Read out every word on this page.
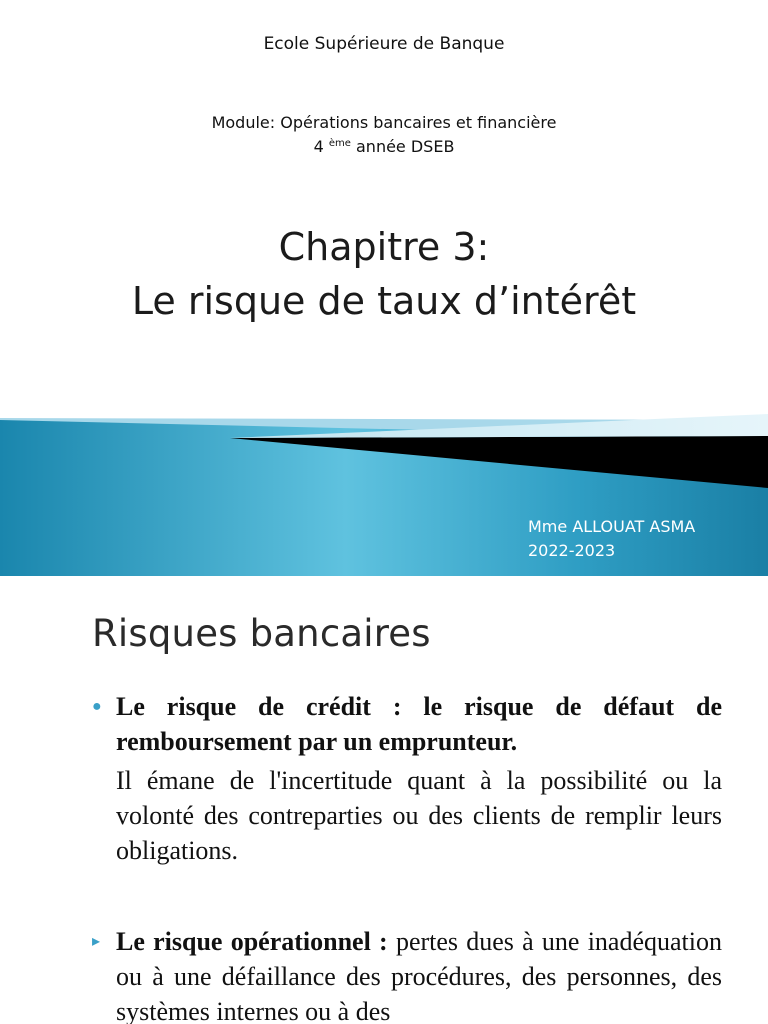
Ecole Supérieure de Banque
Module: Opérations bancaires et financière
4 $^{ème}$ année DSEB
Chapitre 3:
Le risque de taux d’intérêt
Mme ALLOUAT ASMA
2022-2023
Risques bancaires
● Le risque de crédit : le risque de défaut de remboursement par un emprunteur.
Il émane de l'incertitude quant à la possibilité ou la volonté des contreparties ou des clients de remplir leurs obligations.
▸ Le risque opérationnel : pertes dues à une inadéquation ou à une défaillance des procédures, des personnes, des systèmes internes ou à des
